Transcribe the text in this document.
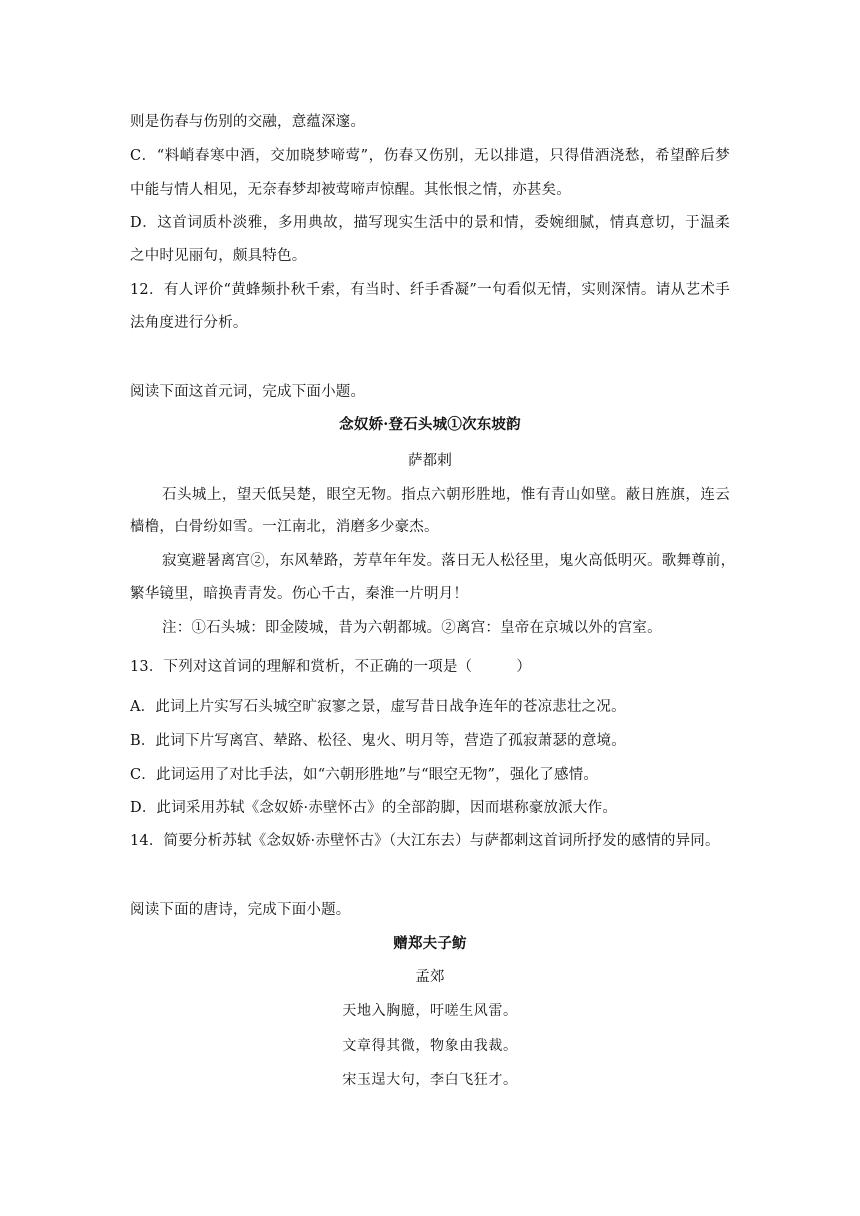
则是伤春与伤别的交融，意蕴深邃。
C．“料峭春寒中酒，交加晓梦啼莺”，伤春又伤别，无以排遣，只得借酒浇愁，希望醉后梦
中能与情人相见，无奈春梦却被莺啼声惊醒。其怅恨之情，亦甚矣。
D．这首词质朴淡雅，多用典故，描写现实生活中的景和情，委婉细腻，情真意切，于温柔
之中时见丽句，颇具特色。
12．有人评价“黄蜂频扑秋千索，有当时、纤手香凝”一句看似无情，实则深情。请从艺术手
法角度进行分析。
阅读下面这首元词，完成下面小题。
念奴娇·登石头城①次东坡韵
萨都剌
石头城上，望天低吴楚，眼空无物。指点六朝形胜地，惟有青山如壁。蔽日旌旗，连云
樯橹，白骨纷如雪。一江南北，消磨多少豪杰。
寂寞避暑离宫②，东风辇路，芳草年年发。落日无人松径里，鬼火高低明灭。歌舞尊前，
繁华镜里，暗换青青发。伤心千古，秦淮一片明月！
注：①石头城：即金陵城，昔为六朝都城。②离宫：皇帝在京城以外的宫室。
13．下列对这首词的理解和赏析，不正确的一项是（　　　）
A．此词上片实写石头城空旷寂寥之景，虚写昔日战争连年的苍凉悲壮之况。
B．此词下片写离宫、辇路、松径、鬼火、明月等，营造了孤寂萧瑟的意境。
C．此词运用了对比手法，如“六朝形胜地”与“眼空无物”，强化了感情。
D．此词采用苏轼《念奴娇·赤壁怀古》的全部韵脚，因而堪称豪放派大作。
14．简要分析苏轼《念奴娇·赤壁怀古》（大江东去）与萨都剌这首词所抒发的感情的异同。
阅读下面的唐诗，完成下面小题。
赠郑夫子鲂
孟郊
天地入胸臆，吁嗟生风雷。
文章得其微，物象由我裁。
宋玉逞大句，李白飞狂才。
